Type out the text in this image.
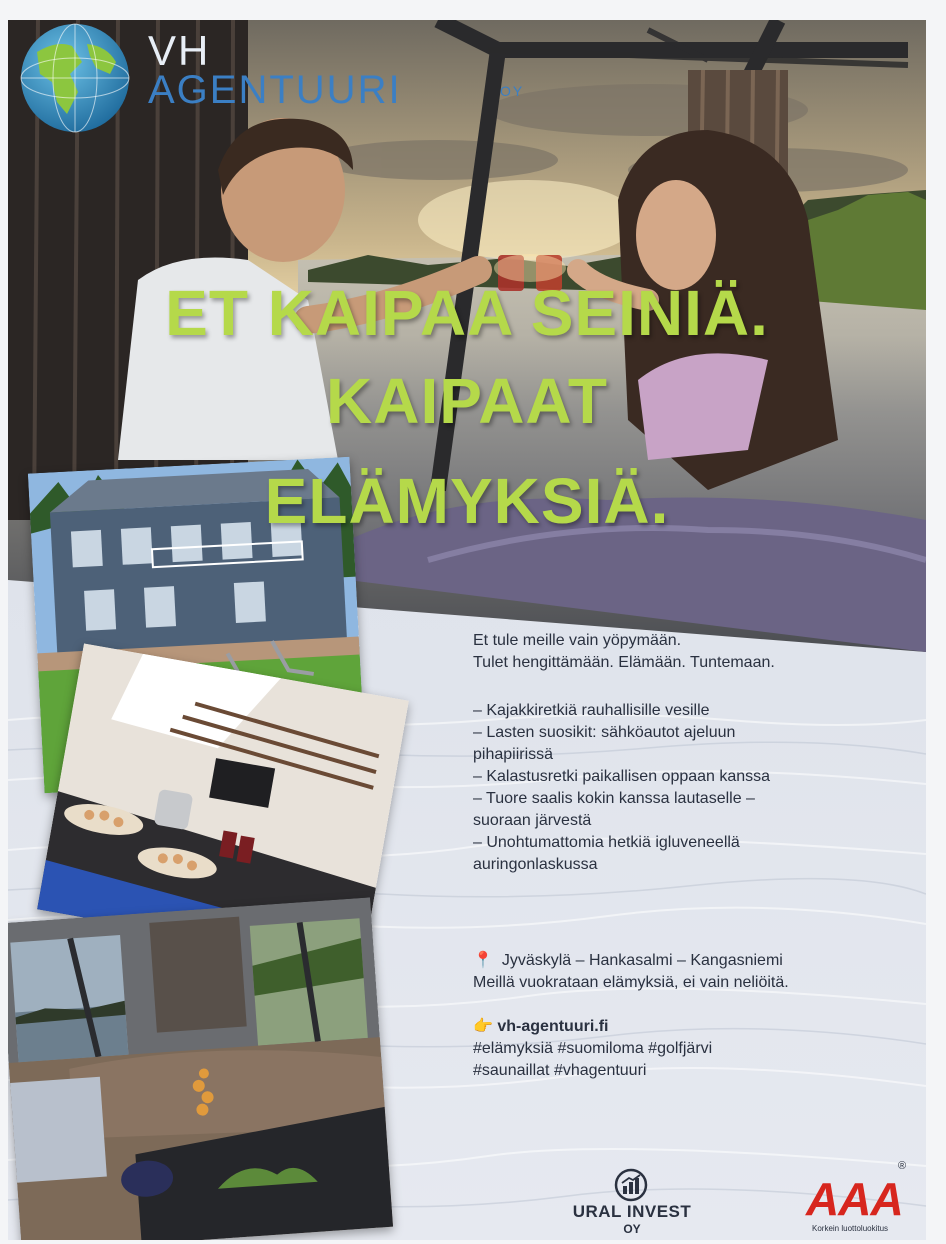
VH
AGENTUURI	OY
ET KAIPAA SEINIÄ.
KAIPAAT
ELÄMYKSIÄ.
Et tule meille vain yöpymään.
Tulet hengittämään. Elämään. Tuntemaan.
– Kajakkiretkiä rauhallisille vesille
– Lasten suosikit: sähköautot ajeluun
pihapiirissä
– Kalastusretki paikallisen oppaan kanssa
– Tuore saalis kokin kanssa lautaselle –
suoraan järvestä
– Unohtumattomia hetkiä igluveneellä
auringonlaskussa
📍 Jyväskylä – Hankasalmi – Kangasniemi
Meillä vuokrataan elämyksiä, ei vain neliöitä.
👉 vh-agentuuri.fi
#elämyksiä #suomiloma #golfjärvi
#saunaillat #vhagentuuri
URAL INVEST
OY
AAA
®
Korkein luottoluokitus
